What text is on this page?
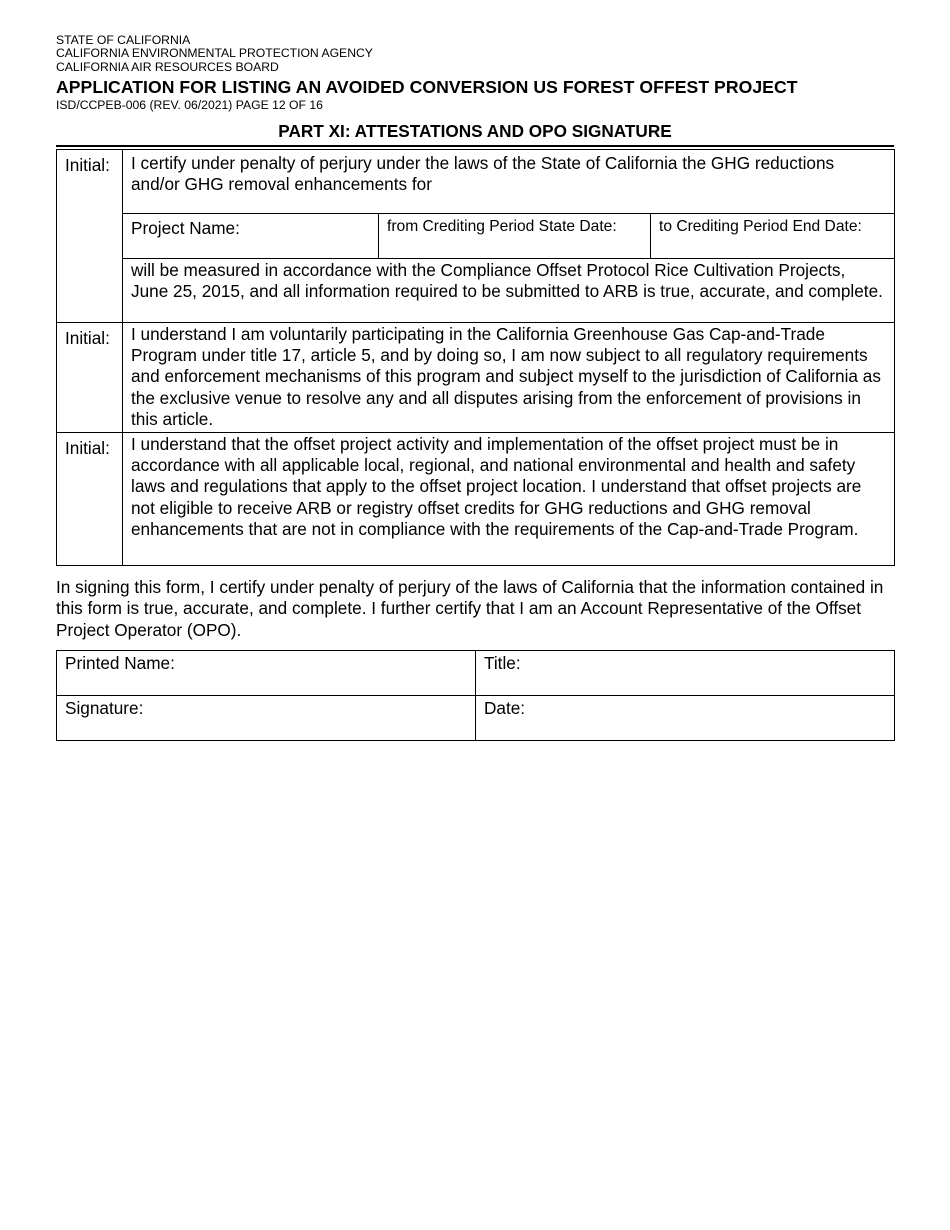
STATE OF CALIFORNIA
CALIFORNIA ENVIRONMENTAL PROTECTION AGENCY
CALIFORNIA AIR RESOURCES BOARD
APPLICATION FOR LISTING AN AVOIDED CONVERSION US FOREST OFFEST PROJECT
ISD/CCPEB-006 (REV. 06/2021) PAGE 12 OF 16
PART XI: ATTESTATIONS AND OPO SIGNATURE
Initial:	I certify under penalty of perjury under the laws of the State of California the GHG reductions and/or GHG removal enhancements for		

	Project Name:	from Crediting Period State Date:	to Crediting Period End Date:

	will be measured in accordance with the Compliance Offset Protocol Rice Cultivation Projects, June 25, 2015, and all information required to be submitted to ARB is true, accurate, and complete.		

Initial:	I understand I am voluntarily participating in the California Greenhouse Gas Cap-and-Trade Program under title 17, article 5, and by doing so, I am now subject to all regulatory requirements and enforcement mechanisms of this program and subject myself to the jurisdiction of California as the exclusive venue to resolve any and all disputes arising from the enforcement of provisions in this article.		

Initial:	I understand that the offset project activity and implementation of the offset project must be in accordance with all applicable local, regional, and national environmental and health and safety laws and regulations that apply to the offset project location. I understand that offset projects are not eligible to receive ARB or registry offset credits for GHG reductions and GHG removal enhancements that are not in compliance with the requirements of the Cap-and-Trade Program.		
In signing this form, I certify under penalty of perjury of the laws of California that the information contained in this form is true, accurate, and complete. I further certify that I am an Account Representative of the Offset Project Operator (OPO).
Printed Name:	Title:
Signature:	Date:
